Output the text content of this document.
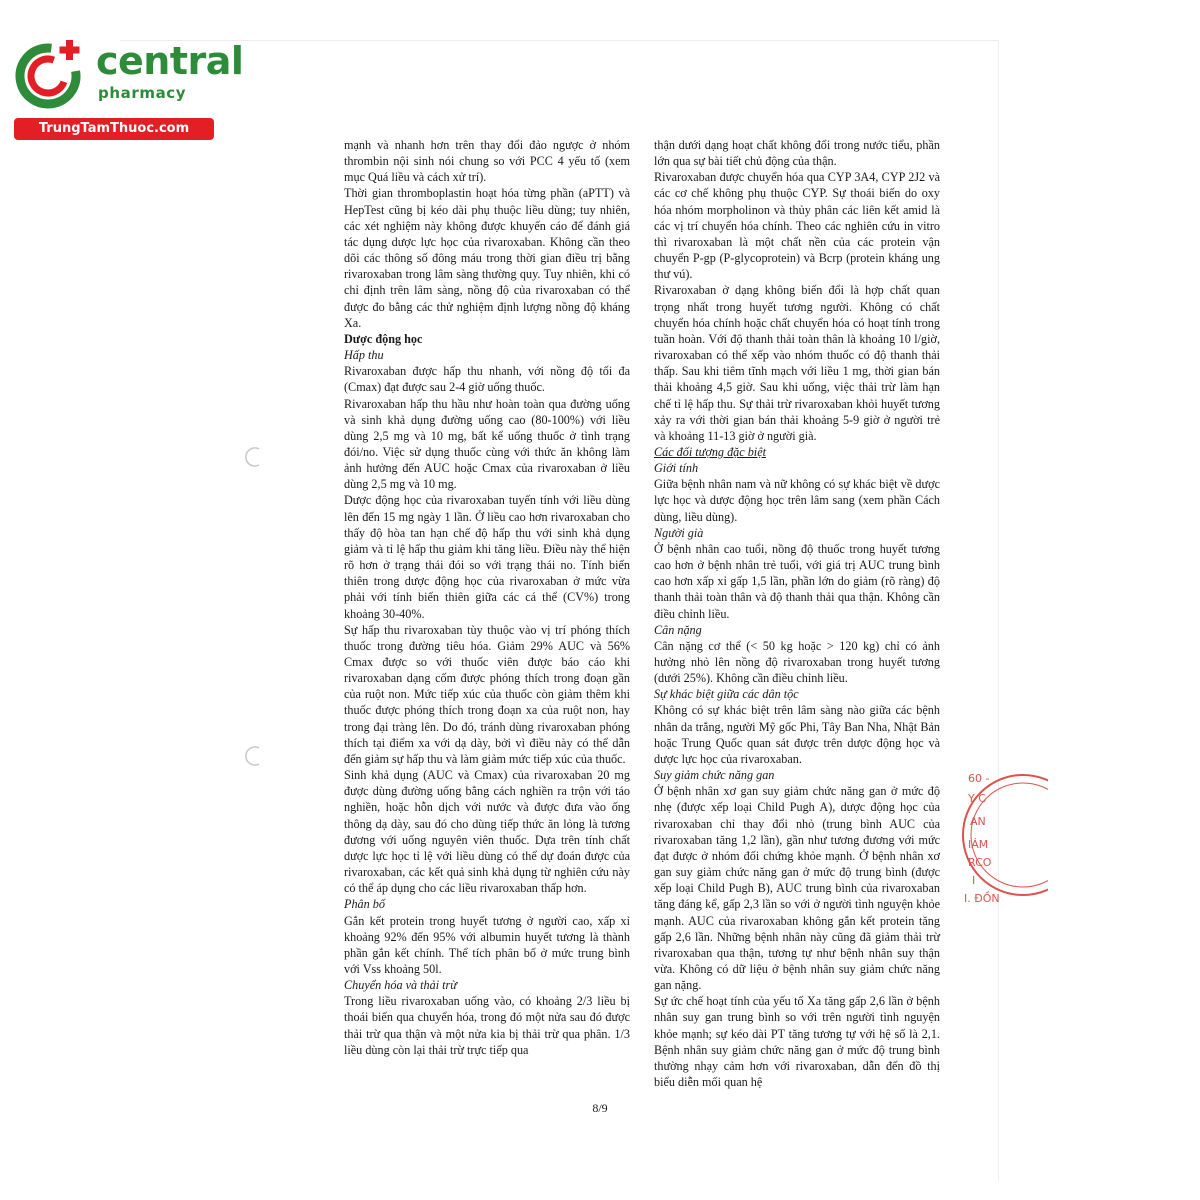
central
pharmacy
TrungTamThuoc.com

mạnh và nhanh hơn trên thay đổi đảo ngược ở nhóm thrombin nội sinh nói chung so với PCC 4 yếu tố (xem mục Quá liều và cách xử trí).

Thời gian thromboplastin hoạt hóa từng phần (aPTT) và HepTest cũng bị kéo dài phụ thuộc liều dùng; tuy nhiên, các xét nghiệm này không được khuyến cáo để đánh giá tác dụng dược lực học của rivaroxaban. Không cần theo dõi các thông số đông máu trong thời gian điều trị bằng rivaroxaban trong lâm sàng thường quy. Tuy nhiên, khi có chỉ định trên lâm sàng, nồng độ của rivaroxaban có thể được đo bằng các thử nghiệm định lượng nồng độ kháng Xa.

Dược động học

Hấp thu

Rivaroxaban được hấp thu nhanh, với nồng độ tối đa (Cmax) đạt được sau 2-4 giờ uống thuốc.

Rivaroxaban hấp thu hầu như hoàn toàn qua đường uống và sinh khả dụng đường uống cao (80-100%) với liều dùng 2,5 mg và 10 mg, bất kể uống thuốc ở tình trạng đói/no. Việc sử dụng thuốc cùng với thức ăn không làm ảnh hưởng đến AUC hoặc Cmax của rivaroxaban ở liều dùng 2,5 mg và 10 mg.

Dược động học của rivaroxaban tuyến tính với liều dùng lên đến 15 mg ngày 1 lần. Ở liều cao hơn rivaroxaban cho thấy độ hòa tan hạn chế độ hấp thu với sinh khả dụng giảm và tỉ lệ hấp thu giảm khi tăng liều. Điều này thể hiện rõ hơn ở trạng thái đói so với trạng thái no. Tính biến thiên trong dược động học của rivaroxaban ở mức vừa phải với tính biến thiên giữa các cá thể (CV%) trong khoảng 30-40%.

Sự hấp thu rivaroxaban tùy thuộc vào vị trí phóng thích thuốc trong đường tiêu hóa. Giảm 29% AUC và 56% Cmax được so với thuốc viên được báo cáo khi rivaroxaban dạng cốm được phóng thích trong đoạn gần của ruột non. Mức tiếp xúc của thuốc còn giảm thêm khi thuốc được phóng thích trong đoạn xa của ruột non, hay trong đại tràng lên. Do đó, tránh dùng rivaroxaban phóng thích tại điểm xa với dạ dày, bởi vì điều này có thể dẫn đến giảm sự hấp thu và làm giảm mức tiếp xúc của thuốc.

Sinh khả dụng (AUC và Cmax) của rivaroxaban 20 mg được dùng đường uống bằng cách nghiền ra trộn với táo nghiền, hoặc hỗn dịch với nước và được đưa vào ống thông dạ dày, sau đó cho dùng tiếp thức ăn lỏng là tương đương với uống nguyên viên thuốc. Dựa trên tính chất dược lực học tỉ lệ với liều dùng có thể dự đoán được của rivaroxaban, các kết quả sinh khả dụng từ nghiên cứu này có thể áp dụng cho các liều rivaroxaban thấp hơn.

Phân bố

Gắn kết protein trong huyết tương ở người cao, xấp xỉ khoảng 92% đến 95% với albumin huyết tương là thành phần gắn kết chính. Thể tích phân bố ở mức trung bình với Vss khoảng 50l.

Chuyển hóa và thải trừ

Trong liều rivaroxaban uống vào, có khoảng 2/3 liều bị thoái biến qua chuyển hóa, trong đó một nửa sau đó được thải trừ qua thận và một nửa kia bị thải trừ qua phân. 1/3 liều dùng còn lại thải trừ trực tiếp qua

thận dưới dạng hoạt chất không đổi trong nước tiểu, phần lớn qua sự bài tiết chủ động của thận.

Rivaroxaban được chuyển hóa qua CYP 3A4, CYP 2J2 và các cơ chế không phụ thuộc CYP. Sự thoái biến do oxy hóa nhóm morpholinon và thủy phân các liên kết amid là các vị trí chuyển hóa chính. Theo các nghiên cứu in vitro thì rivaroxaban là một chất nền của các protein vận chuyển P-gp (P-glycoprotein) và Bcrp (protein kháng ung thư vú).

Rivaroxaban ở dạng không biến đổi là hợp chất quan trọng nhất trong huyết tương người. Không có chất chuyển hóa chính hoặc chất chuyển hóa có hoạt tính trong tuần hoàn. Với độ thanh thải toàn thân là khoảng 10 l/giờ, rivaroxaban có thể xếp vào nhóm thuốc có độ thanh thải thấp. Sau khi tiêm tĩnh mạch với liều 1 mg, thời gian bán thải khoảng 4,5 giờ. Sau khi uống, việc thải trừ làm hạn chế tỉ lệ hấp thu. Sự thải trừ rivaroxaban khỏi huyết tương xảy ra với thời gian bán thải khoảng 5-9 giờ ở người trẻ và khoảng 11-13 giờ ở người già.

Các đối tượng đặc biệt

Giới tính

Giữa bệnh nhân nam và nữ không có sự khác biệt về dược lực học và dược động học trên lâm sang (xem phần Cách dùng, liều dùng).

Người già

Ở bệnh nhân cao tuổi, nồng độ thuốc trong huyết tương cao hơn ở bệnh nhân trẻ tuổi, với giá trị AUC trung bình cao hơn xấp xỉ gấp 1,5 lần, phần lớn do giảm (rõ ràng) độ thanh thải toàn thân và độ thanh thải qua thận. Không cần điều chỉnh liều.

Cân nặng

Cân nặng cơ thể (< 50 kg hoặc > 120 kg) chỉ có ảnh hưởng nhỏ lên nồng độ rivaroxaban trong huyết tương (dưới 25%). Không cần điều chỉnh liều.

Sự khác biệt giữa các dân tộc

Không có sự khác biệt trên lâm sàng nào giữa các bệnh nhân da trắng, người Mỹ gốc Phi, Tây Ban Nha, Nhật Bản hoặc Trung Quốc quan sát được trên dược động học và dược lực học của rivaroxaban.

Suy giảm chức năng gan

Ở bệnh nhân xơ gan suy giảm chức năng gan ở mức độ nhẹ (được xếp loại Child Pugh A), dược động học của rivaroxaban chỉ thay đổi nhỏ (trung bình AUC của rivaroxaban tăng 1,2 lần), gần như tương đương với mức đạt được ở nhóm đối chứng khỏe mạnh. Ở bệnh nhân xơ gan suy giảm chức năng gan ở mức độ trung bình (được xếp loại Child Pugh B), AUC trung bình của rivaroxaban tăng đáng kể, gấp 2,3 lần so với ở người tình nguyện khỏe mạnh. AUC của rivaroxaban không gắn kết protein tăng gấp 2,6 lần. Những bệnh nhân này cũng đã giảm thải trừ rivaroxaban qua thận, tương tự như bệnh nhân suy thận vừa. Không có dữ liệu ở bệnh nhân suy giảm chức năng gan nặng.

Sự ức chế hoạt tính của yếu tố Xa tăng gấp 2,6 lần ở bệnh nhân suy gan trung bình so với trên người tình nguyện khỏe mạnh; sự kéo dài PT tăng tương tự với hệ số là 2,1. Bệnh nhân suy giảm chức năng gan ở mức độ trung bình thường nhạy cảm hơn với rivaroxaban, dẫn đến đồ thị biểu diễn mối quan hệ

8/9
60 -
Y C
AN
IÁM
RCO
I
I. ĐỒN
